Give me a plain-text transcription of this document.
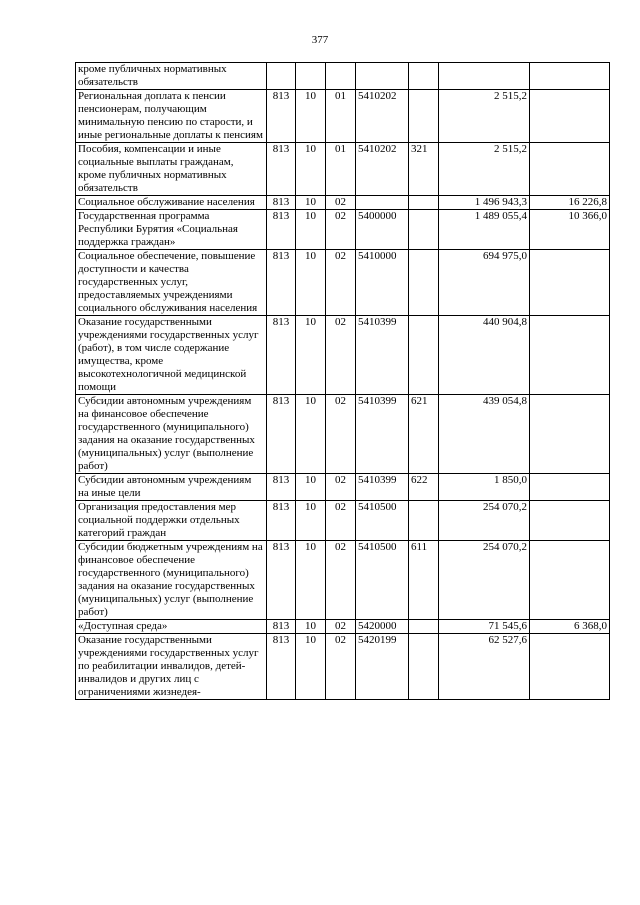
377
кроме публичных нормативных обязательств							
Региональная доплата к пенсии пенсионерам, получающим минимальную пенсию по старости, и иные региональные доплаты к пенсиям	813	10	01	5410202		2 515,2	
Пособия, компенсации и иные социальные выплаты гражданам, кроме публичных нормативных обязательств	813	10	01	5410202	321	2 515,2	
Социальное обслуживание населения	813	10	02			1 496 943,3	16 226,8
Государственная программа Республики Бурятия «Социальная поддержка граждан»	813	10	02	5400000		1 489 055,4	10 366,0
Социальное обеспечение, повышение доступности и качества государственных услуг, предоставляемых учреждениями социального обслуживания населения	813	10	02	5410000		694 975,0	
Оказание государственными учреждениями государственных услуг (работ), в том числе содержание имущества, кроме высокотехнологичной медицинской помощи	813	10	02	5410399		440 904,8	
Субсидии автономным учреждениям на финансовое обеспечение государственного (муниципального) задания на оказание государственных (муниципальных) услуг (выполнение работ)	813	10	02	5410399	621	439 054,8	
Субсидии автономным учреждениям на иные цели	813	10	02	5410399	622	1 850,0	
Организация предоставления мер социальной поддержки отдельных категорий граждан	813	10	02	5410500		254 070,2	
Субсидии бюджетным учреждениям на финансовое обеспечение государственного (муниципального) задания на оказание государственных (муниципальных) услуг (выполнение работ)	813	10	02	5410500	611	254 070,2	
«Доступная среда»	813	10	02	5420000		71 545,6	6 368,0
Оказание государственными учреждениями государственных услуг по реабилитации инвалидов, детей-инвалидов и других лиц с ограничениями жизнедея-	813	10	02	5420199		62 527,6	
